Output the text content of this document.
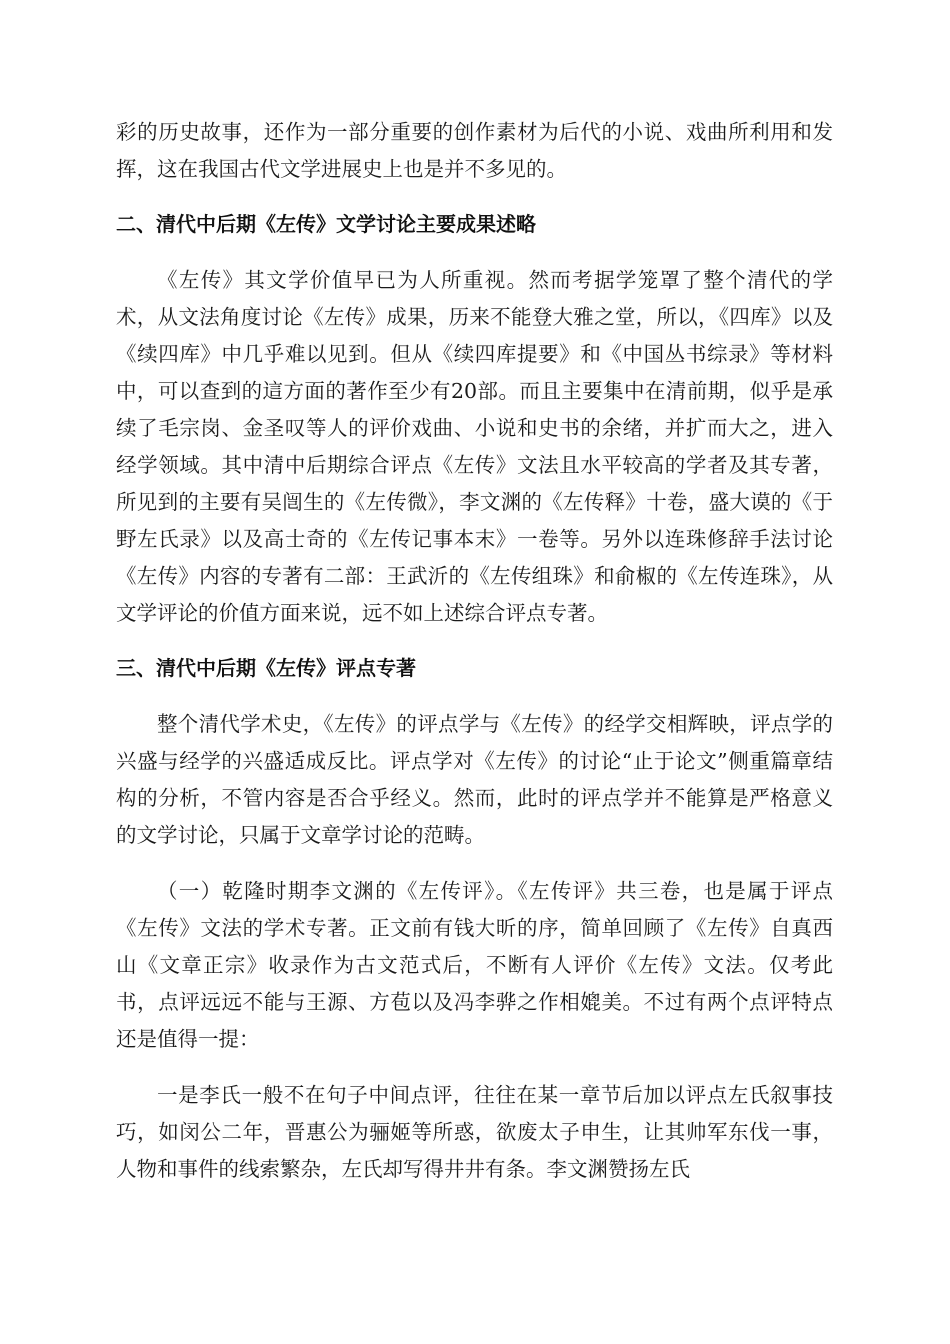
彩的历史故事，还作为一部分重要的创作素材为后代的小说、戏曲所利用和发挥，这在我国古代文学进展史上也是并不多见的。

二、清代中后期《左传》文学讨论主要成果述略

《左传》其文学价值早已为人所重视。然而考据学笼罩了整个清代的学术，从文法角度讨论《左传》成果，历来不能登大雅之堂，所以，《四库》以及《续四库》中几乎难以见到。但从《续四库提要》和《中国丛书综录》等材料中，可以查到的這方面的著作至少有20部。而且主要集中在清前期，似乎是承续了毛宗岗、金圣叹等人的评价戏曲、小说和史书的余绪，并扩而大之，进入经学领域。其中清中后期综合评点《左传》文法且水平较高的学者及其专著，所见到的主要有吴闿生的《左传微》，李文渊的《左传释》十卷，盛大谟的《于野左氏录》以及高士奇的《左传记事本末》一卷等。另外以连珠修辞手法讨论《左传》内容的专著有二部：王武沂的《左传组珠》和俞椒的《左传连珠》，从文学评论的价值方面来说，远不如上述综合评点专著。

三、清代中后期《左传》评点专著

整个清代学术史，《左传》的评点学与《左传》的经学交相辉映，评点学的兴盛与经学的兴盛适成反比。评点学对《左传》的讨论“止于论文”侧重篇章结构的分析，不管内容是否合乎经义。然而，此时的评点学并不能算是严格意义的文学讨论，只属于文章学讨论的范畴。

（一）乾隆时期李文渊的《左传评》。《左传评》共三卷，也是属于评点《左传》文法的学术专著。正文前有钱大昕的序，简单回顾了《左传》自真西山《文章正宗》收录作为古文范式后，不断有人评价《左传》文法。仅考此书，点评远远不能与王源、方苞以及冯李骅之作相媲美。不过有两个点评特点还是值得一提：

一是李氏一般不在句子中间点评，往往在某一章节后加以评点左氏叙事技巧，如闵公二年，晋惠公为骊姬等所惑，欲废太子申生，让其帅军东伐一事，人物和事件的线索繁杂，左氏却写得井井有条。李文渊赞扬左氏
